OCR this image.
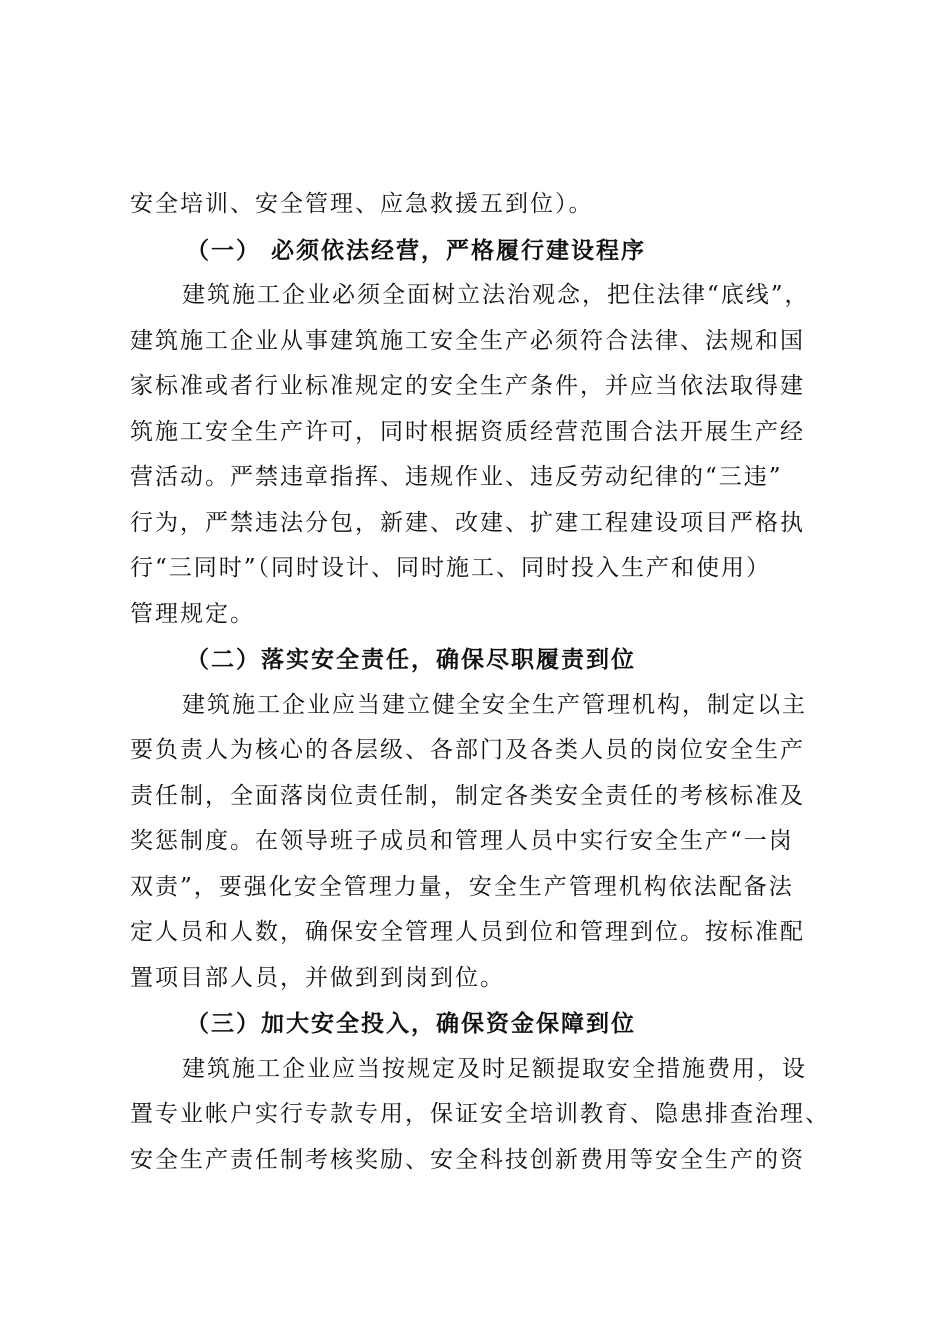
安全培训、安全管理、应急救援五到位）。
（一） 必须依法经营，严格履行建设程序
建筑施工企业必须全面树立法治观念，把住法律“底线”，
建筑施工企业从事建筑施工安全生产必须符合法律、法规和国
家标准或者行业标准规定的安全生产条件，并应当依法取得建
筑施工安全生产许可，同时根据资质经营范围合法开展生产经
营活动。严禁违章指挥、违规作业、违反劳动纪律的“三违”
行为，严禁违法分包，新建、改建、扩建工程建设项目严格执
行“三同时”（同时设计、同时施工、同时投入生产和使用）
管理规定。
（二）落实安全责任，确保尽职履责到位
建筑施工企业应当建立健全安全生产管理机构，制定以主
要负责人为核心的各层级、各部门及各类人员的岗位安全生产
责任制，全面落岗位责任制，制定各类安全责任的考核标准及
奖惩制度。在领导班子成员和管理人员中实行安全生产“一岗
双责”，要强化安全管理力量，安全生产管理机构依法配备法
定人员和人数，确保安全管理人员到位和管理到位。按标准配
置项目部人员，并做到到岗到位。
（三）加大安全投入，确保资金保障到位
建筑施工企业应当按规定及时足额提取安全措施费用，设
置专业帐户实行专款专用，保证安全培训教育、隐患排查治理、
安全生产责任制考核奖励、安全科技创新费用等安全生产的资
